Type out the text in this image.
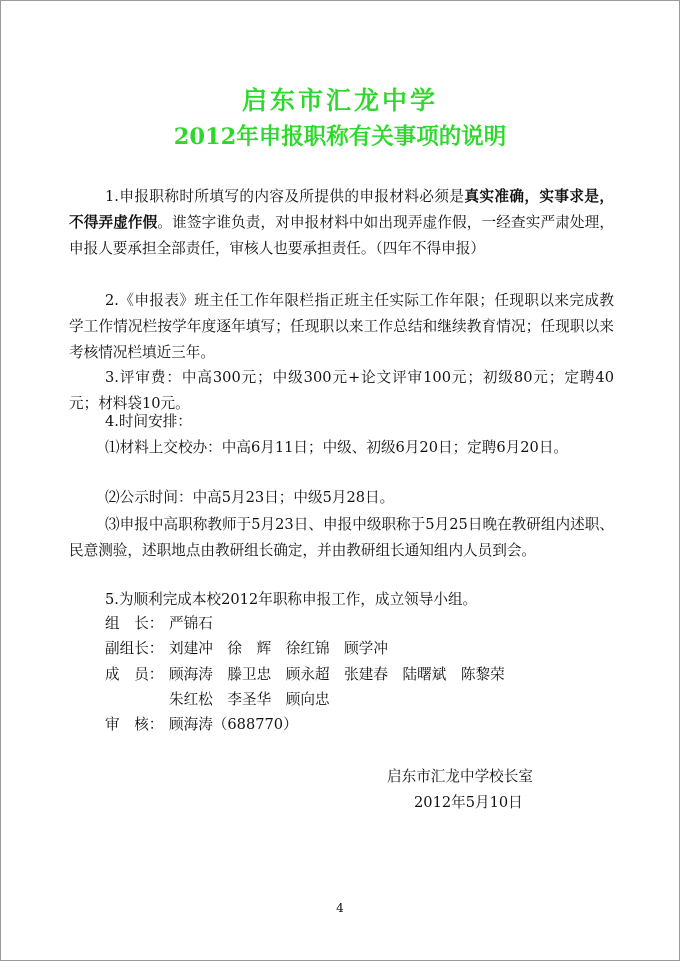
启东市汇龙中学
2012年申报职称有关事项的说明
1.申报职称时所填写的内容及所提供的申报材料必须是真实准确，实事求是，不得弄虚作假。谁签字谁负责，对申报材料中如出现弄虚作假，一经查实严肃处理，申报人要承担全部责任，审核人也要承担责任。（四年不得申报）
2.《申报表》班主任工作年限栏指正班主任实际工作年限；任现职以来完成教学工作情况栏按学年度逐年填写；任现职以来工作总结和继续教育情况；任现职以来考核情况栏填近三年。
3.评审费：中高300元；中级300元+论文评审100元；初级80元；定聘40元；材料袋10元。
4.时间安排：
⑴材料上交校办：中高6月11日；中级、初级6月20日；定聘6月20日。
⑵公示时间：中高5月23日；中级5月28日。
⑶申报中高职称教师于5月23日、申报中级职称于5月25日晚在教研组内述职、民意测验，述职地点由教研组长确定，并由教研组长通知组内人员到会。
5.为顺利完成本校2012年职称申报工作，成立领导小组。
组　长： 严锦石
副组长： 刘建冲　徐　辉　徐红锦　顾学冲
成　员： 顾海涛　滕卫忠　顾永超　张建春　陆曙斌　陈黎荣
朱红松　李圣华　顾向忠
审　核： 顾海涛（688770）
启东市汇龙中学校长室
2012年5月10日
4
